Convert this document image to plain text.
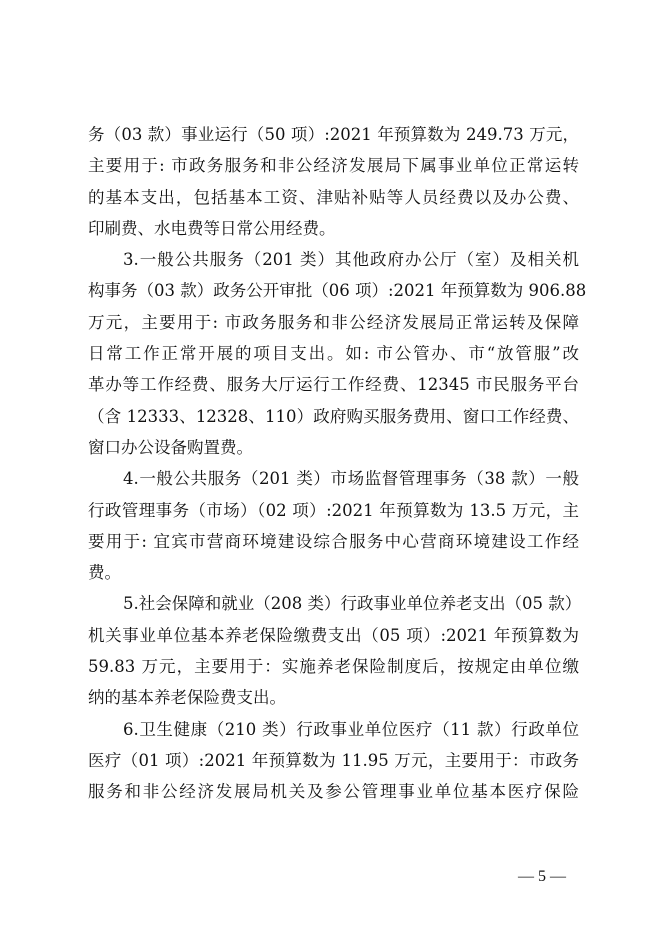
务（03 款）事业运行（50 项）:2021 年预算数为 249.73 万元，
主要用于: 市政务服务和非公经济发展局下属事业单位正常运转
的基本支出，包括基本工资、津贴补贴等人员经费以及办公费、
印刷费、水电费等日常公用经费。
3.一般公共服务（201 类）其他政府办公厅（室）及相关机
构事务（03 款）政务公开审批（06 项）:2021 年预算数为 906.88
万元，主要用于: 市政务服务和非公经济发展局正常运转及保障
日常工作正常开展的项目支出。如: 市公管办、市“放管服”改
革办等工作经费、服务大厅运行工作经费、12345 市民服务平台
（含 12333、12328、110）政府购买服务费用、窗口工作经费、
窗口办公设备购置费。
4.一般公共服务（201 类）市场监督管理事务（38 款）一般
行政管理事务（市场）（02 项）:2021 年预算数为 13.5 万元，主
要用于: 宜宾市营商环境建设综合服务中心营商环境建设工作经
费。
5.社会保障和就业（208 类）行政事业单位养老支出（05 款）
机关事业单位基本养老保险缴费支出（05 项）:2021 年预算数为
59.83 万元，主要用于：实施养老保险制度后，按规定由单位缴
纳的基本养老保险费支出。
6.卫生健康（210 类）行政事业单位医疗（11 款）行政单位
医疗（01 项）:2021 年预算数为 11.95 万元，主要用于：市政务
服务和非公经济发展局机关及参公管理事业单位基本医疗保险
— 5 —
